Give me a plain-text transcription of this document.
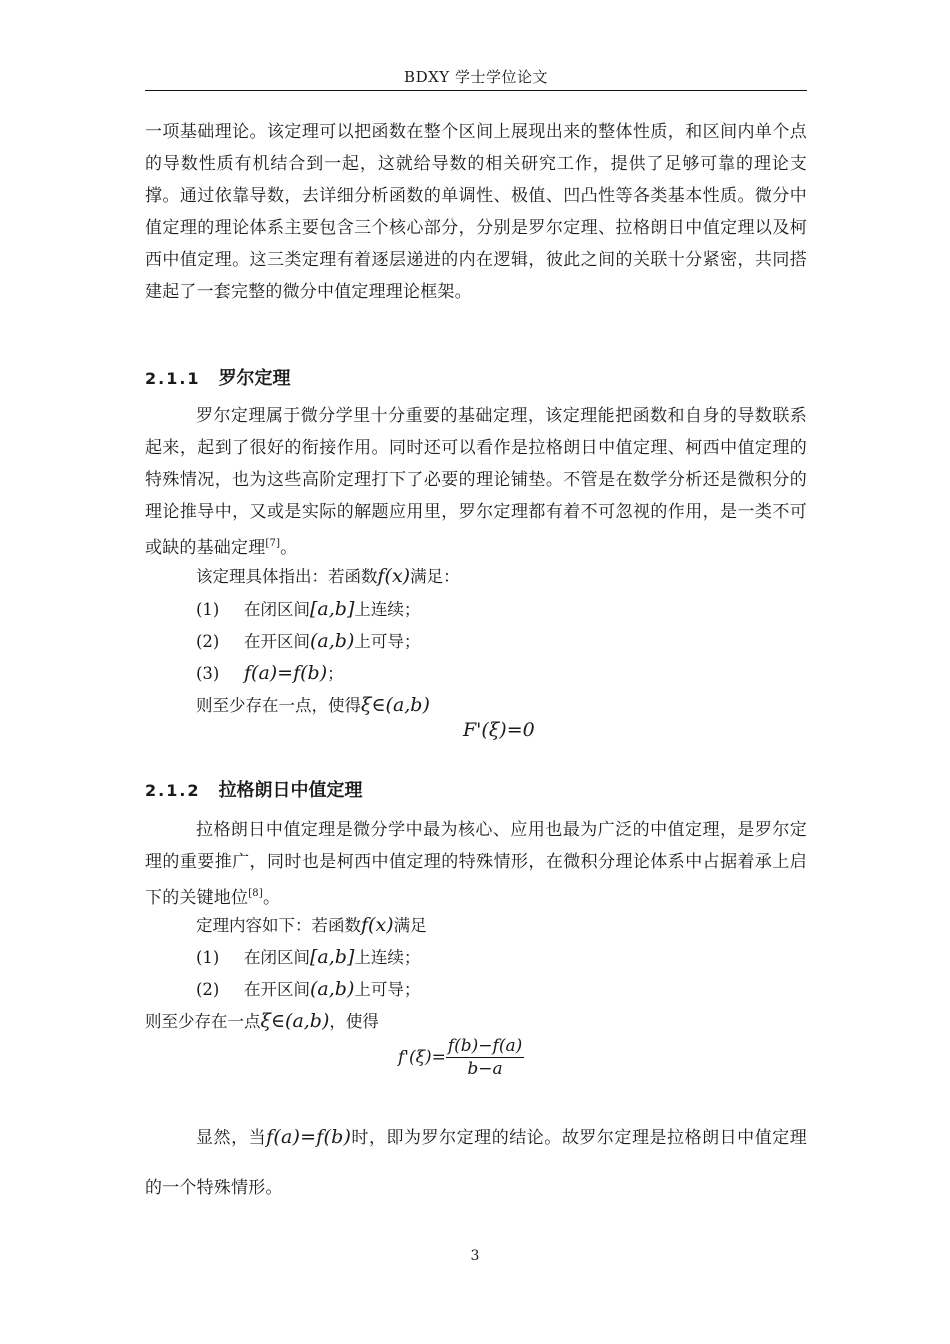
BDXY 学士学位论文

一项基础理论。该定理可以把函数在整个区间上展现出来的整体性质，和区间内单个点的导数性质有机结合到一起，这就给导数的相关研究工作，提供了足够可靠的理论支撑。通过依靠导数，去详细分析函数的单调性、极值、凹凸性等各类基本性质。微分中值定理的理论体系主要包含三个核心部分，分别是罗尔定理、拉格朗日中值定理以及柯西中值定理。这三类定理有着逐层递进的内在逻辑，彼此之间的关联十分紧密，共同搭建起了一套完整的微分中值定理理论框架。

2.1.1 罗尔定理

罗尔定理属于微分学里十分重要的基础定理，该定理能把函数和自身的导数联系起来，起到了很好的衔接作用。同时还可以看作是拉格朗日中值定理、柯西中值定理的特殊情况，也为这些高阶定理打下了必要的理论铺垫。不管是在数学分析还是微积分的理论推导中，又或是实际的解题应用里，罗尔定理都有着不可忽视的作用，是一类不可或缺的基础定理[7]。

该定理具体指出：若函数f(x)满足：
(1) 在闭区间[a,b]上连续；
(2) 在开区间(a,b)上可导；
(3) f(a)=f(b)；
则至少存在一点，使得ξ∈(a,b)
F'(ξ)=0
2.1.2 拉格朗日中值定理

拉格朗日中值定理是微分学中最为核心、应用也最为广泛的中值定理，是罗尔定理的重要推广，同时也是柯西中值定理的特殊情形，在微积分理论体系中占据着承上启下的关键地位[8]。

定理内容如下：若函数f(x)满足
(1) 在闭区间[a,b]上连续；
(2) 在开区间(a,b)上可导；
则至少存在一点ξ∈(a,b)，使得
$f'(\xi)= \frac{f(b)-f(a)}{b-a}$

显然，当f(a)=f(b)时，即为罗尔定理的结论。故罗尔定理是拉格朗日中值定理的一个特殊情形。

3
